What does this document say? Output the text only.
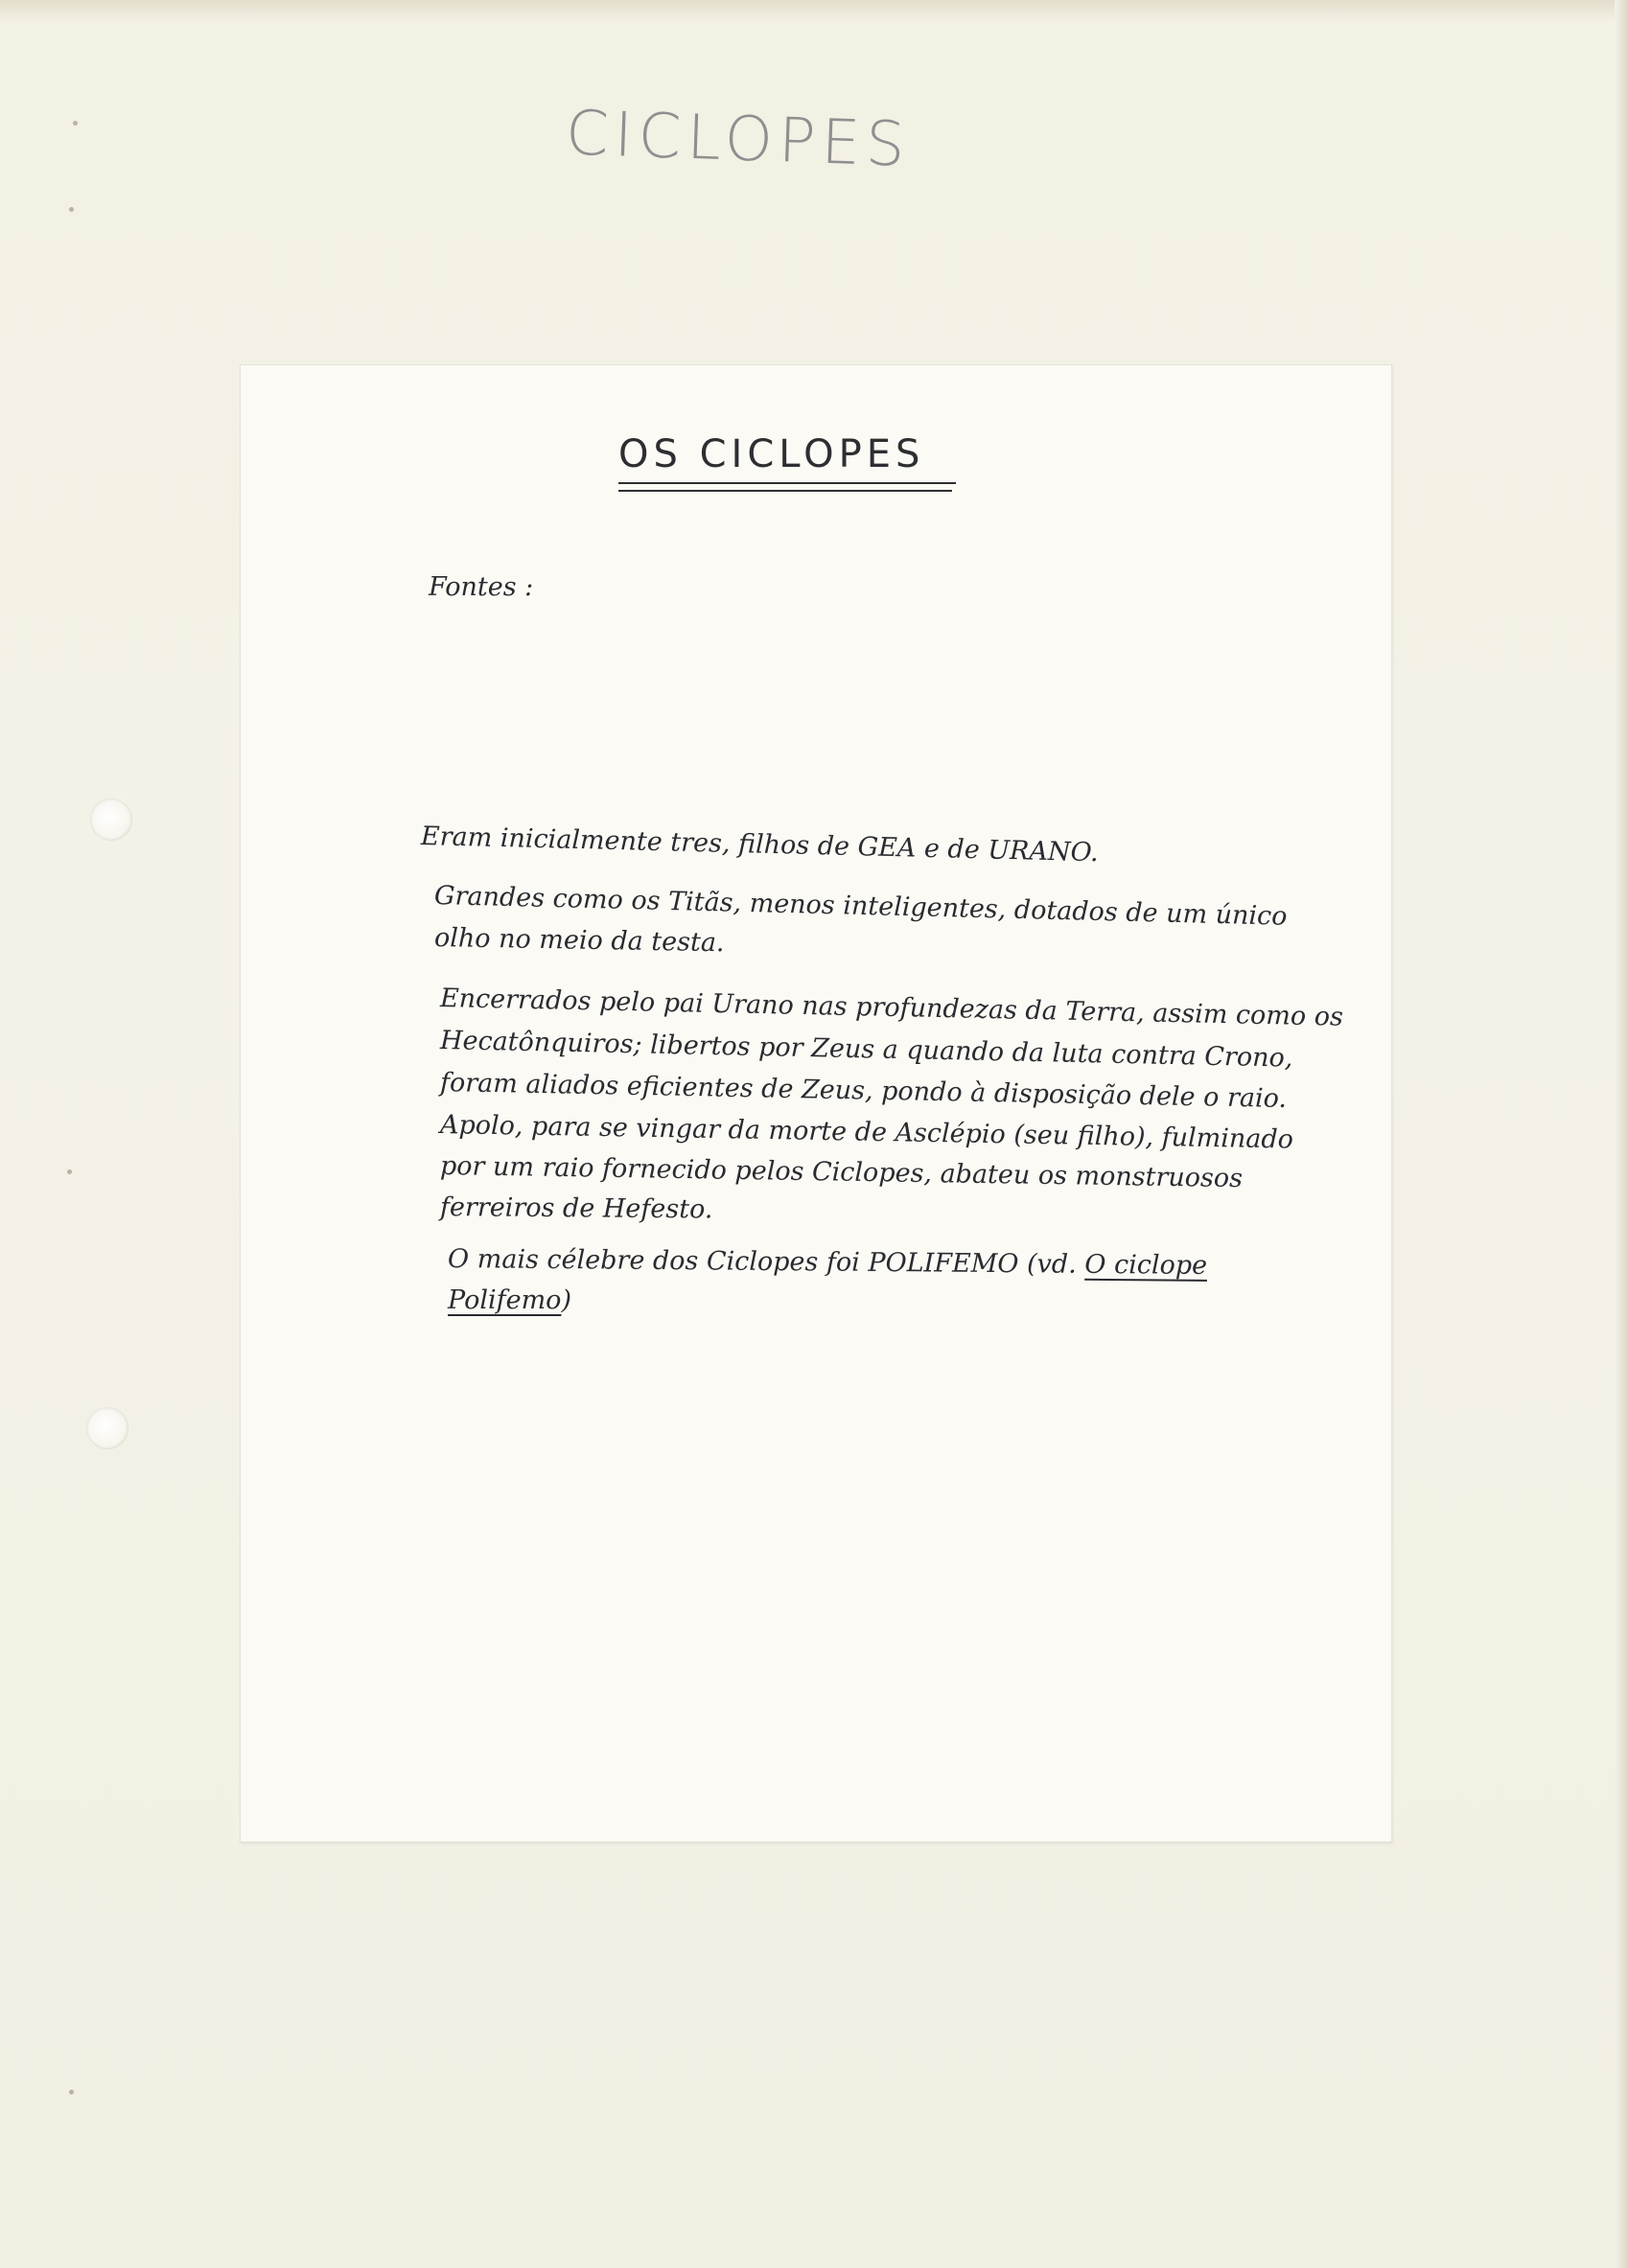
CICLOPES
OS CICLOPES
Fontes :
Eram inicialmente tres, filhos de GEA e de URANO.
Grandes como os Titãs, menos inteligentes, dotados de um único
olho no meio da testa.
Encerrados pelo pai Urano nas profundezas da Terra, assim como os
Hecatônquiros; libertos por Zeus a quando da luta contra Crono,
foram aliados eficientes de Zeus, pondo à disposição dele o raio.
Apolo, para se vingar da morte de Asclépio (seu filho), fulminado
por um raio fornecido pelos Ciclopes, abateu os monstruosos
ferreiros de Hefesto.
O mais célebre dos Ciclopes foi POLIFEMO (vd. O ciclope
Polifemo)
